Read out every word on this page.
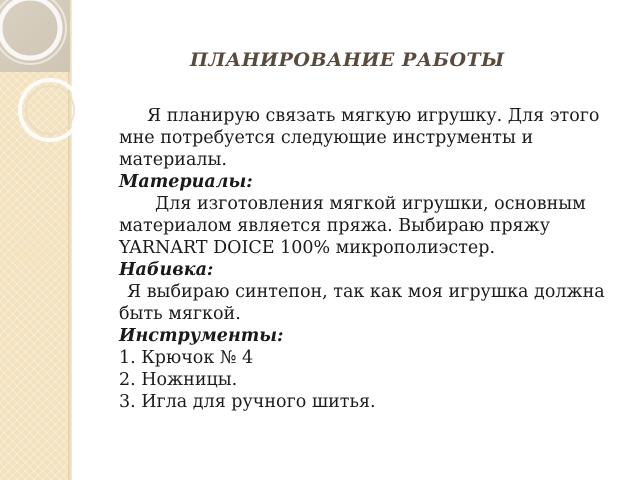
ПЛАНИРОВАНИЕ РАБОТЫ

Я планирую связать мягкую игрушку. Для этого мне потребуется следующие инструменты и материалы.

Материалы:

Для изготовления мягкой игрушки, основным материалом является пряжа. Выбираю пряжу YARNART DOICE 100% микрополиэстер.

Набивка:

Я выбираю синтепон, так как моя игрушка должна быть мягкой.

Инструменты:

1. Крючок № 4

2. Ножницы.

3. Игла для ручного шитья.
